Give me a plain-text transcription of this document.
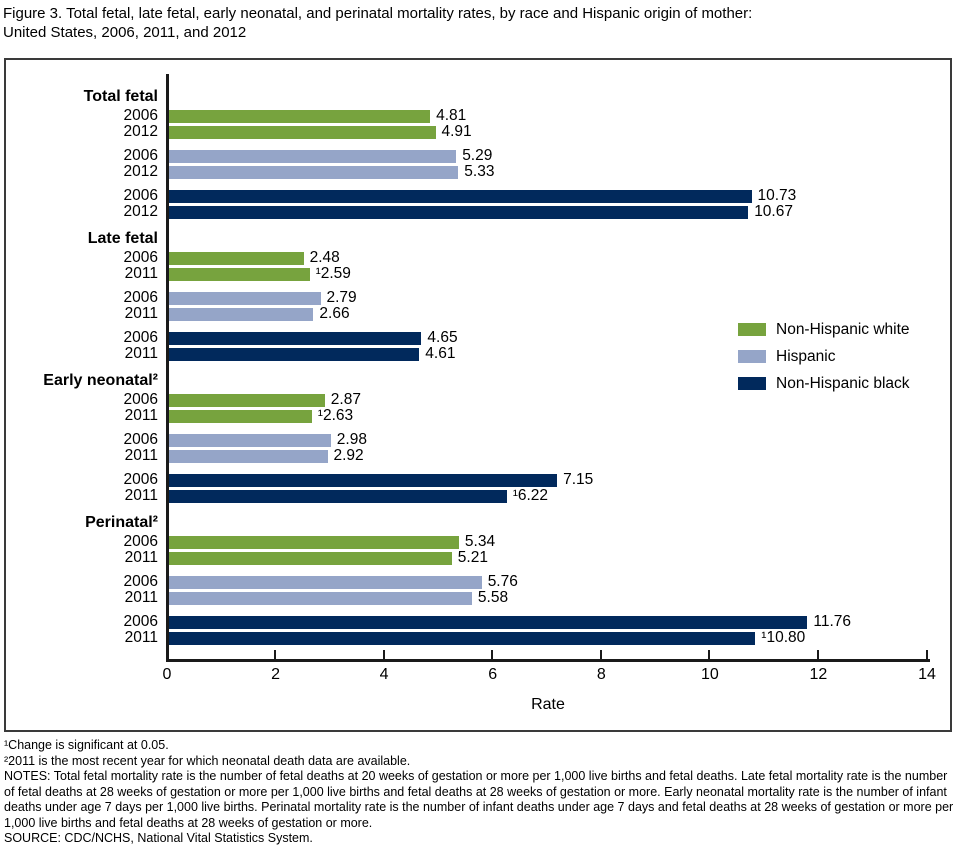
Figure 3. Total fetal, late fetal, early neonatal, and perinatal mortality rates, by race and Hispanic origin of mother:
United States, 2006, 2011, and 2012
Total fetal
2006	4.81
2012	4.91
2006	5.29
2012	5.33
2006	10.73
2012	10.67
Late fetal
2006	2.48
2011	¹2.59
2006	2.79
2011	2.66
2006	4.65
2011	4.61
Early neonatal²
2006	2.87
2011	¹2.63
2006	2.98
2011	2.92
2006	7.15
2011	¹6.22
Perinatal²
2006	5.34
2011	5.21
2006	5.76
2011	5.58
2006	11.76
2011	¹10.80
0	2	4	6	8	10	12	14
Rate
Non-Hispanic white
Hispanic
Non-Hispanic black
¹Change is significant at 0.05.
²2011 is the most recent year for which neonatal death data are available.
NOTES: Total fetal mortality rate is the number of fetal deaths at 20 weeks of gestation or more per 1,000 live births and fetal deaths. Late fetal mortality rate is the number of fetal deaths at 28 weeks of gestation or more per 1,000 live births and fetal deaths at 28 weeks of gestation or more. Early neonatal mortality rate is the number of infant deaths under age 7 days per 1,000 live births. Perinatal mortality rate is the number of infant deaths under age 7 days and fetal deaths at 28 weeks of gestation or more per 1,000 live births and fetal deaths at 28 weeks of gestation or more.
SOURCE: CDC/NCHS, National Vital Statistics System.
